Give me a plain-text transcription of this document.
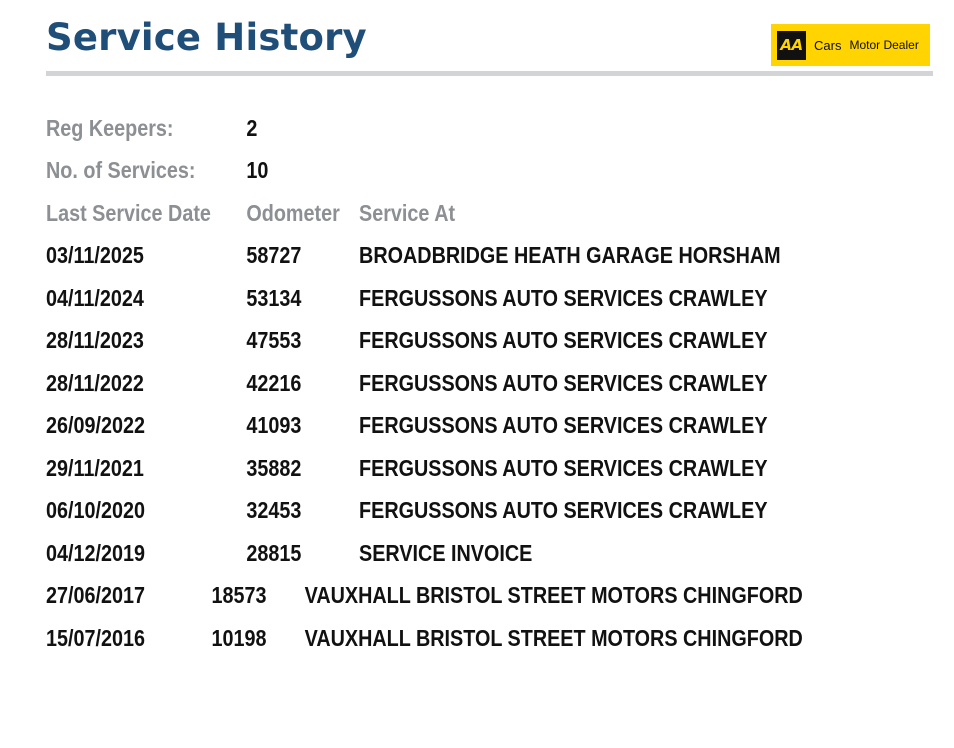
Service History	AA Cars Motor Dealer
Reg Keepers:	2
No. of Services:	10
Last Service Date	Odometer Service At
03/11/2025	58727	BROADBRIDGE HEATH GARAGE HORSHAM
04/11/2024	53134	FERGUSSONS AUTO SERVICES CRAWLEY
28/11/2023	47553	FERGUSSONS AUTO SERVICES CRAWLEY
28/11/2022	42216	FERGUSSONS AUTO SERVICES CRAWLEY
26/09/2022	41093	FERGUSSONS AUTO SERVICES CRAWLEY
29/11/2021	35882	FERGUSSONS AUTO SERVICES CRAWLEY
06/10/2020	32453	FERGUSSONS AUTO SERVICES CRAWLEY
04/12/2019	28815	SERVICE INVOICE
27/06/2017	18573	VAUXHALL BRISTOL STREET MOTORS CHINGFORD
15/07/2016	10198	VAUXHALL BRISTOL STREET MOTORS CHINGFORD
